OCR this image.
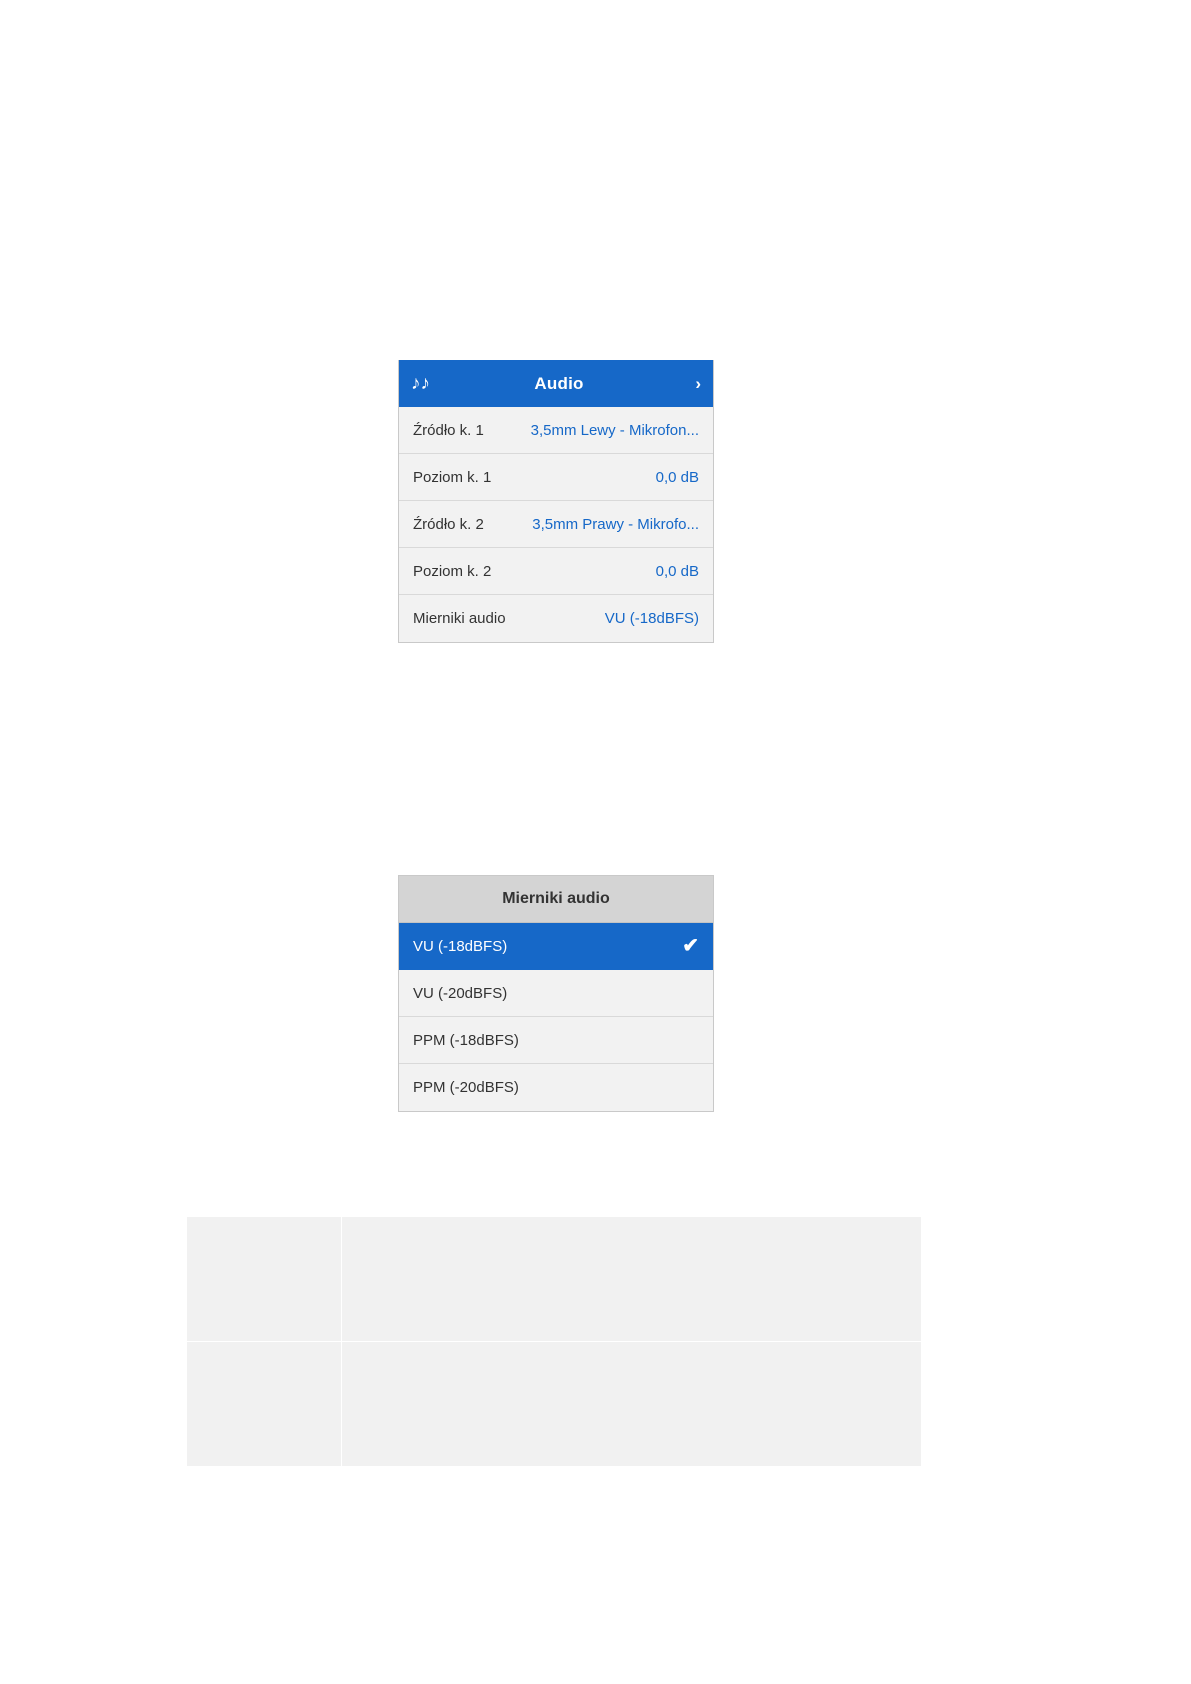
♪♪	Audio	›
Źródło k. 1	3,5mm Lewy - Mikrofon...
Poziom k. 1	0,0 dB
Źródło k. 2	3,5mm Prawy - Mikrofo...
Poziom k. 2	0,0 dB
Mierniki audio	VU (-18dBFS)
Mierniki audio
VU (-18dBFS)	✔
VU (-20dBFS)
PPM (-18dBFS)
PPM (-20dBFS)
